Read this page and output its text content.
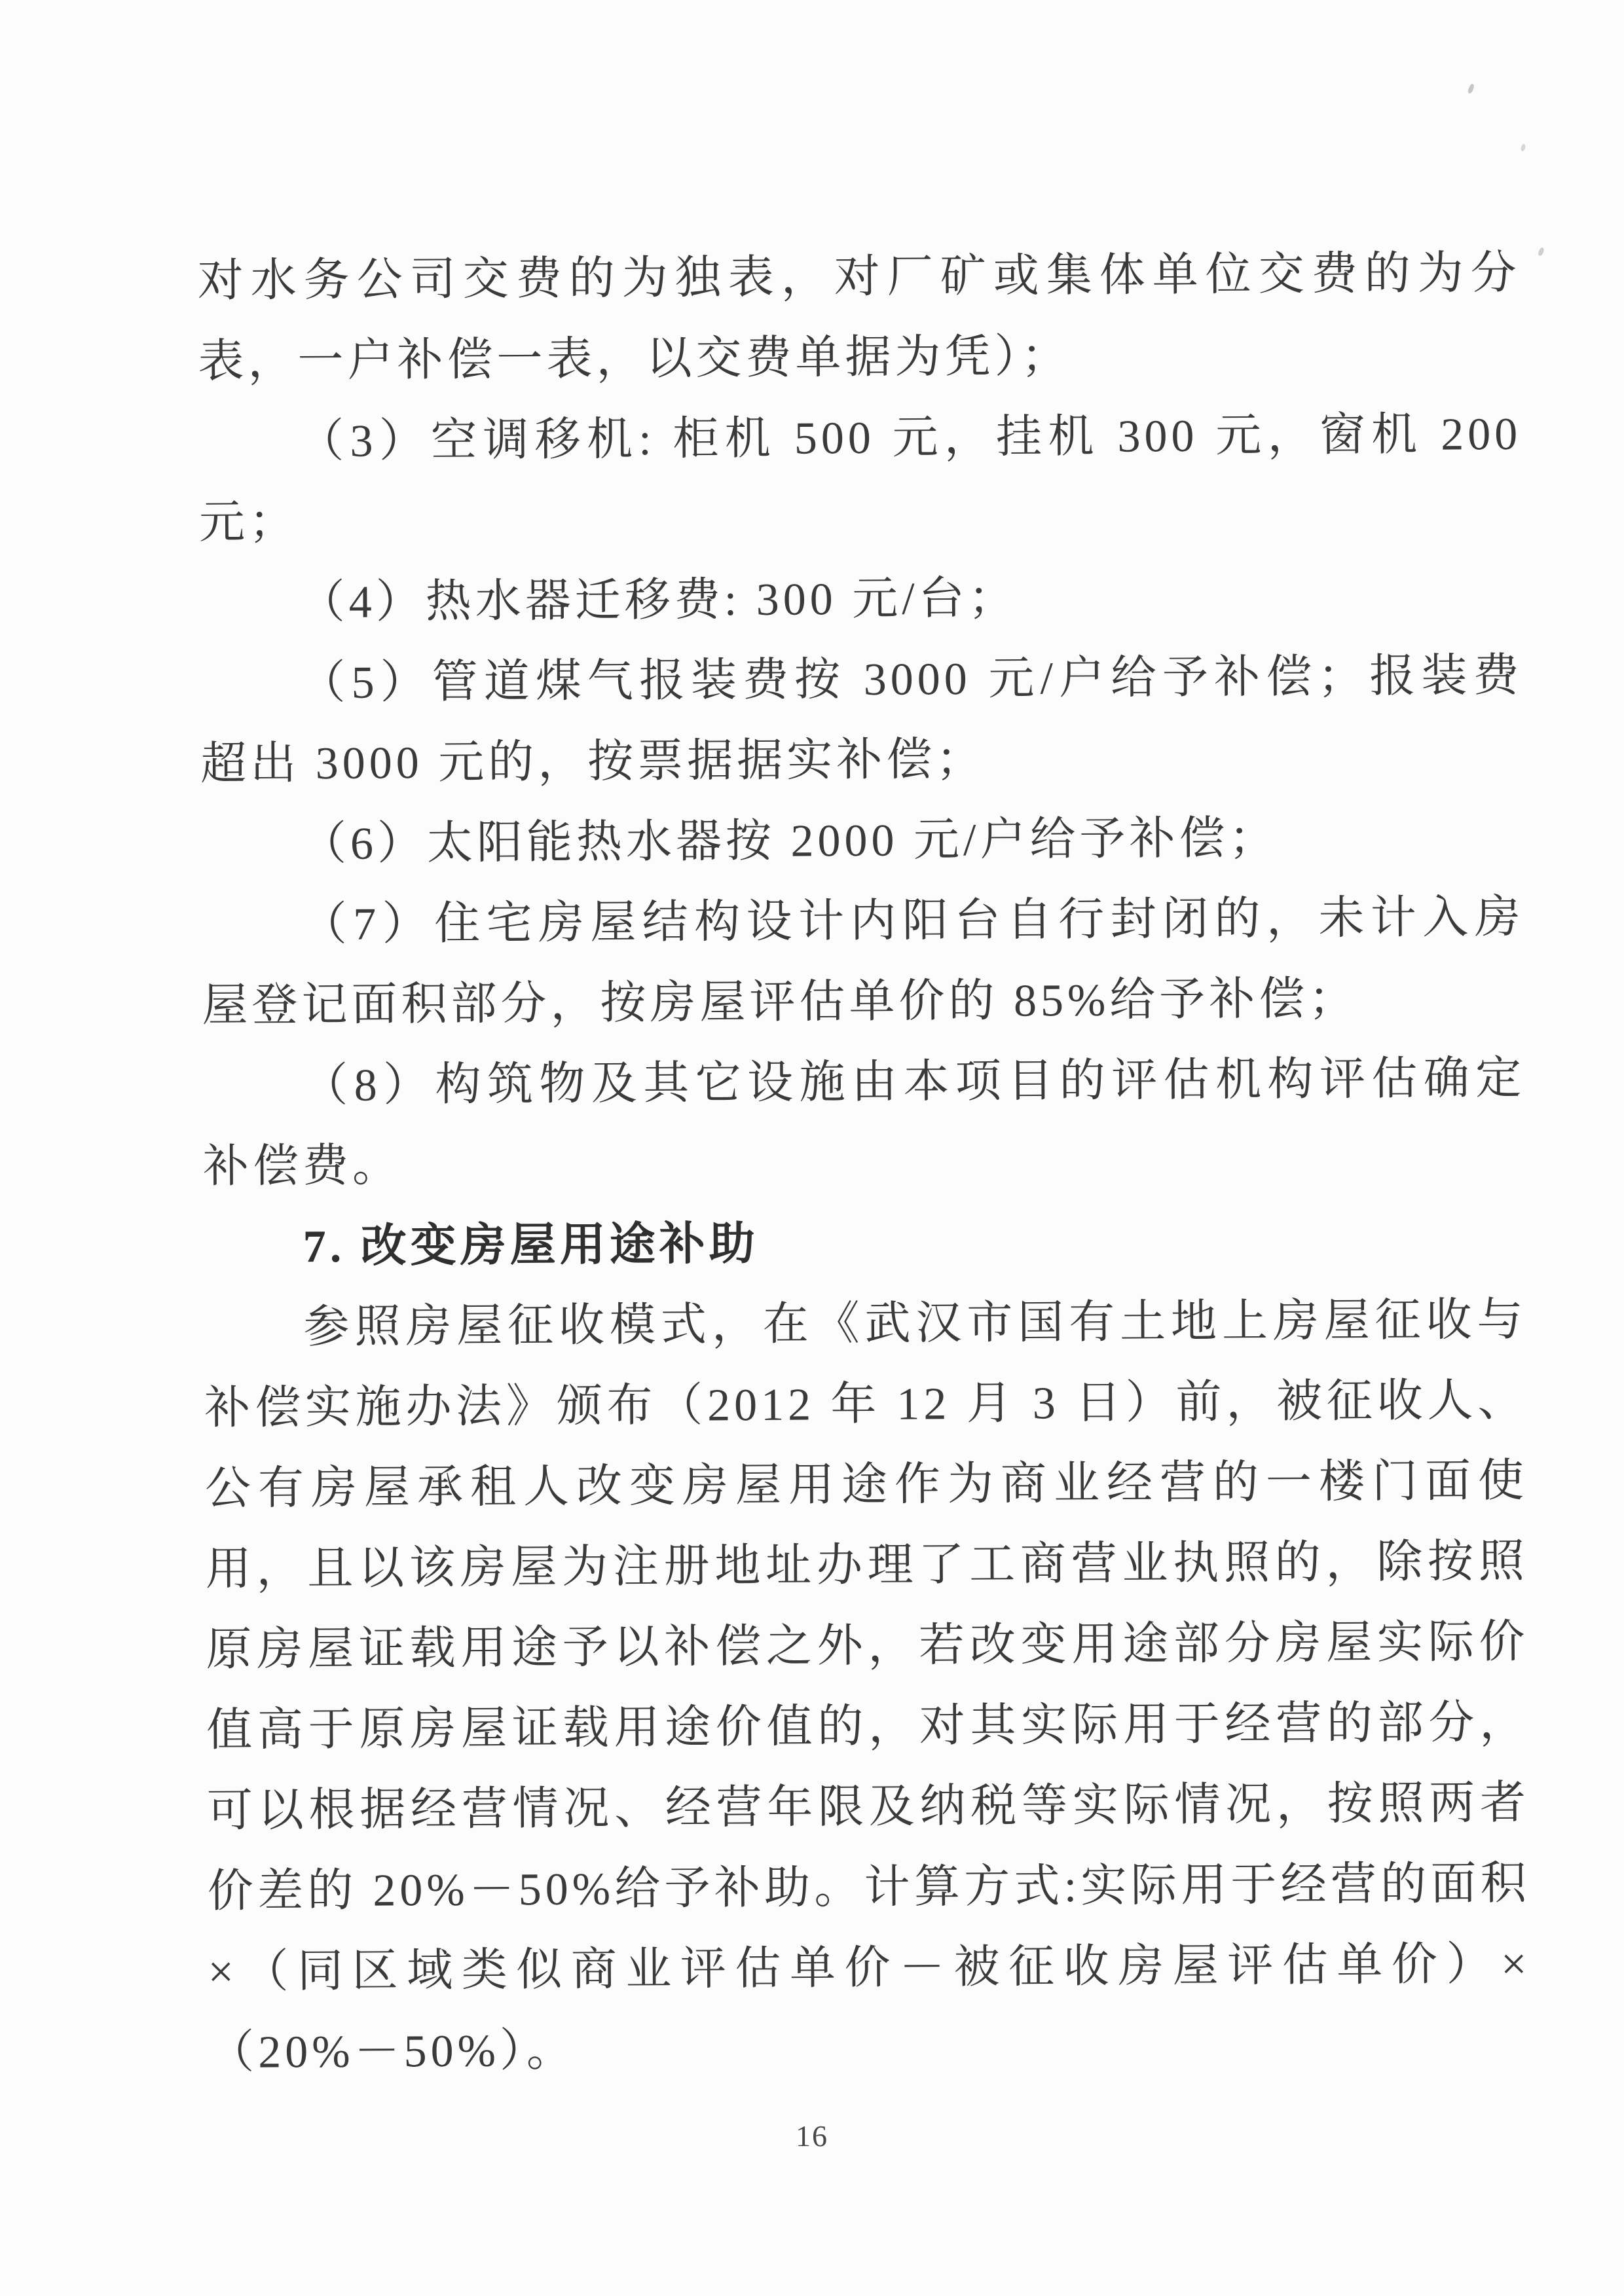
对水务公司交费的为独表，对厂矿或集体单位交费的为分
表，一户补偿一表，以交费单据为凭）；
（3）空调移机: 柜机 500 元，挂机 300 元，窗机 200
元；
（4）热水器迁移费: 300 元/台；
（5）管道煤气报装费按 3000 元/户给予补偿；报装费
超出 3000 元的，按票据据实补偿；
（6）太阳能热水器按 2000 元/户给予补偿；
（7）住宅房屋结构设计内阳台自行封闭的，未计入房
屋登记面积部分，按房屋评估单价的 85%给予补偿；
（8）构筑物及其它设施由本项目的评估机构评估确定
补偿费。
7. 改变房屋用途补助
参照房屋征收模式，在《武汉市国有土地上房屋征收与
补偿实施办法》颁布（2012 年 12 月 3 日）前，被征收人、
公有房屋承租人改变房屋用途作为商业经营的一楼门面使
用，且以该房屋为注册地址办理了工商营业执照的，除按照
原房屋证载用途予以补偿之外，若改变用途部分房屋实际价
值高于原房屋证载用途价值的，对其实际用于经营的部分，
可以根据经营情况、经营年限及纳税等实际情况，按照两者
价差的 20%－50%给予补助。计算方式:实际用于经营的面积
×（同区域类似商业评估单价－被征收房屋评估单价）×
（20%－50%）。
16
